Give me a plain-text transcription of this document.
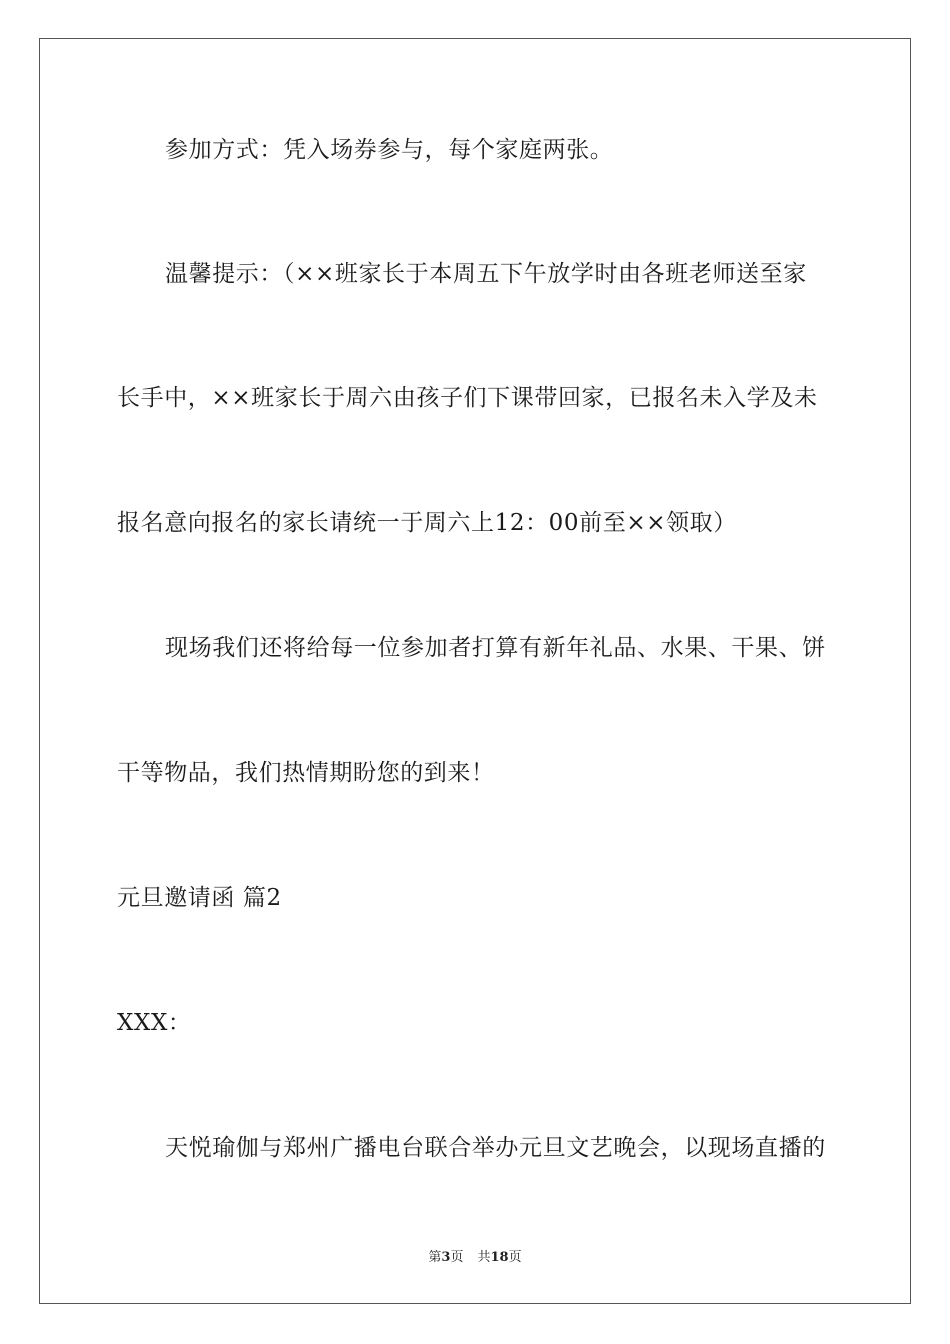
参加方式：凭入场券参与，每个家庭两张。
温馨提示：（××班家长于本周五下午放学时由各班老师送至家
长手中，××班家长于周六由孩子们下课带回家，已报名未入学及未
报名意向报名的家长请统一于周六上12：00前至××领取）
现场我们还将给每一位参加者打算有新年礼品、水果、干果、饼
干等物品，我们热情期盼您的到来！
元旦邀请函 篇2
XXX：
天悦瑜伽与郑州广播电台联合举办元旦文艺晚会，以现场直播的
第3页 共18页
